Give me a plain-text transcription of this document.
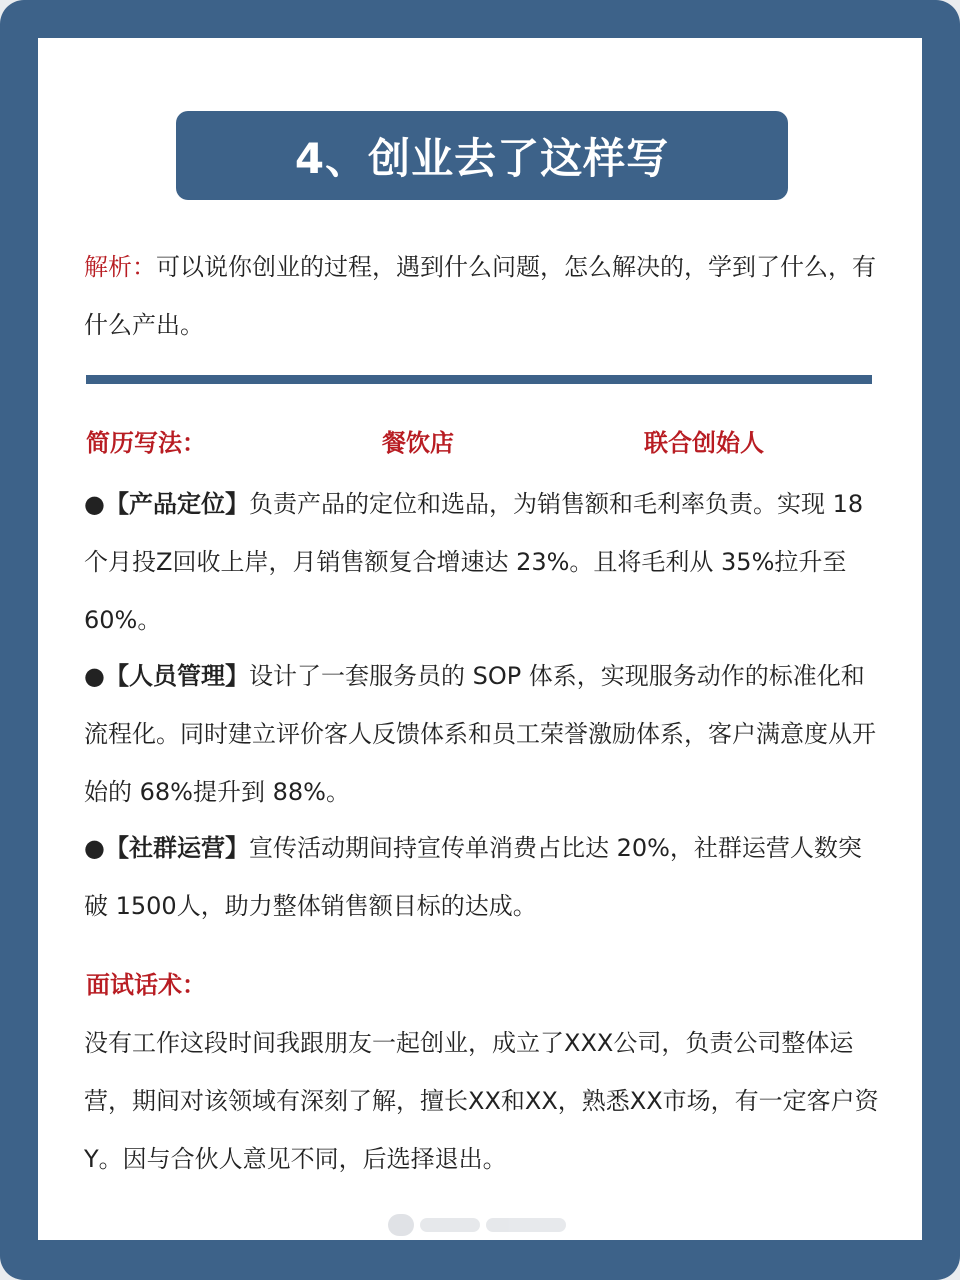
4、创业去了这样写

解析：可以说你创业的过程，遇到什么问题，怎么解决的，学到了什么，有什么产出。

简历写法：	餐饮店	联合创始人

●【产品定位】负责产品的定位和选品，为销售额和毛利率负责。实现 18 个月投Z回收上岸，月销售额复合增速达 23%。且将毛利从 35%拉升至 60%。

●【人员管理】设计了一套服务员的 SOP 体系，实现服务动作的标准化和流程化。同时建立评价客人反馈体系和员工荣誉激励体系，客户满意度从开始的 68%提升到 88%。

●【社群运营】宣传活动期间持宣传单消费占比达 20%，社群运营人数突破 1500人，助力整体销售额目标的达成。

面试话术：

没有工作这段时间我跟朋友一起创业，成立了XXX公司，负责公司整体运营，期间对该领域有深刻了解，擅长XX和XX，熟悉XX市场，有一定客户资Y。因与合伙人意见不同，后选择退出。
